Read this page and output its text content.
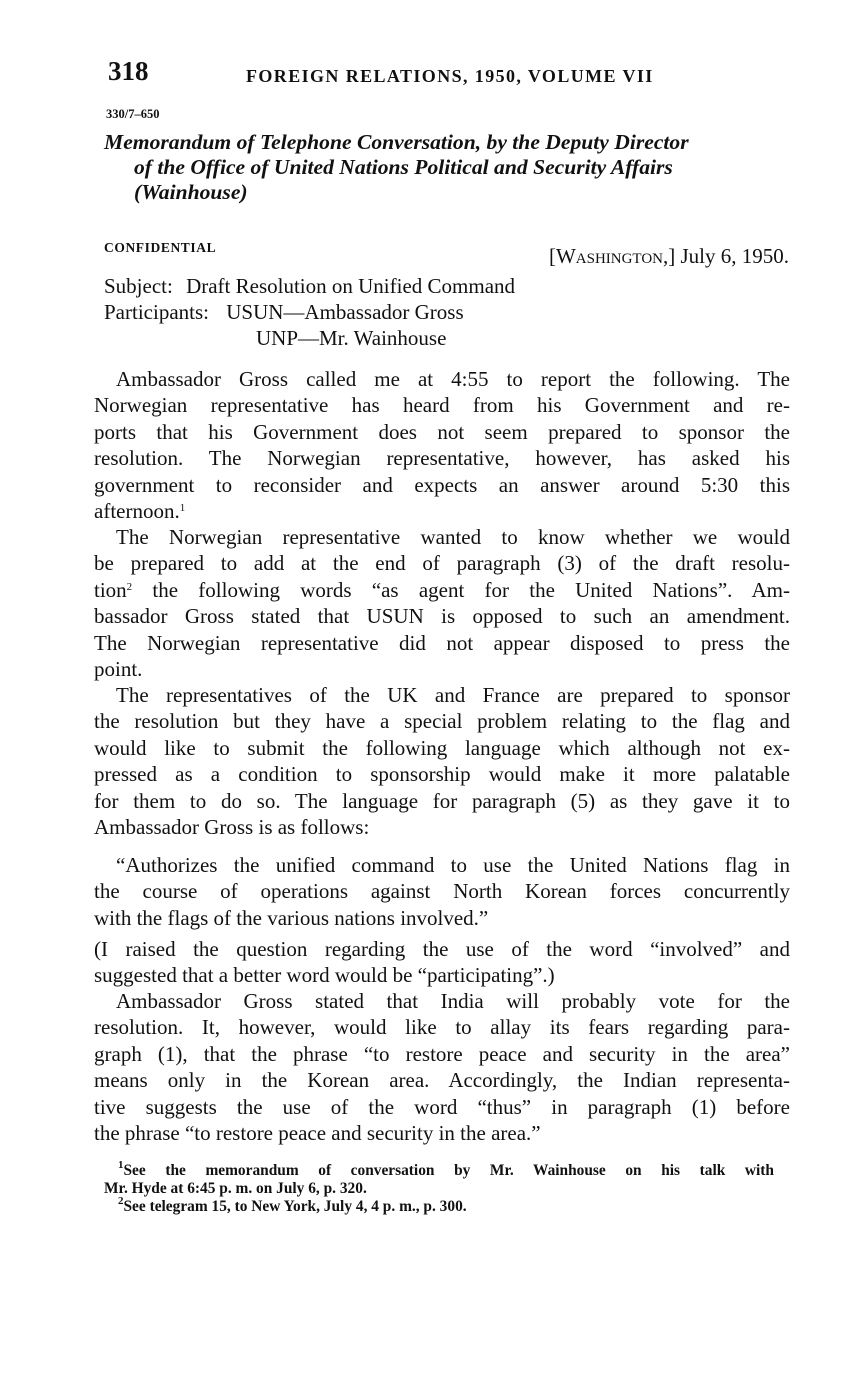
318	FOREIGN RELATIONS, 1950, VOLUME VII
330/7–650
Memorandum of Telephone Conversation, by the Deputy Director
of the Office of United Nations Political and Security Affairs
(Wainhouse)
CONFIDENTIAL	[Washington,] July 6, 1950.
Subject: Draft Resolution on Unified Command
Participants: USUN—Ambassador Gross
UNP—Mr. Wainhouse
Ambassador Gross called me at 4:55 to report the following. The
Norwegian representative has heard from his Government and re-
ports that his Government does not seem prepared to sponsor the
resolution. The Norwegian representative, however, has asked his
government to reconsider and expects an answer around 5:30 this
afternoon.$^1$
The Norwegian representative wanted to know whether we would
be prepared to add at the end of paragraph (3) of the draft resolu-
tion$^2$ the following words “as agent for the United Nations”. Am-
bassador Gross stated that USUN is opposed to such an amendment.
The Norwegian representative did not appear disposed to press the
point.
The representatives of the UK and France are prepared to sponsor
the resolution but they have a special problem relating to the flag and
would like to submit the following language which although not ex-
pressed as a condition to sponsorship would make it more palatable
for them to do so. The language for paragraph (5) as they gave it to
Ambassador Gross is as follows:
“Authorizes the unified command to use the United Nations flag in
the course of operations against North Korean forces concurrently
with the flags of the various nations involved.”
(I raised the question regarding the use of the word “involved” and
suggested that a better word would be “participating”.)
Ambassador Gross stated that India will probably vote for the
resolution. It, however, would like to allay its fears regarding para-
graph (1), that the phrase “to restore peace and security in the area”
means only in the Korean area. Accordingly, the Indian representa-
tive suggests the use of the word “thus” in paragraph (1) before
the phrase “to restore peace and security in the area.”
$^1$See the memorandum of conversation by Mr. Wainhouse on his talk with
Mr. Hyde at 6:45 p. m. on July 6, p. 320.
$^2$See telegram 15, to New York, July 4, 4 p. m., p. 300.
